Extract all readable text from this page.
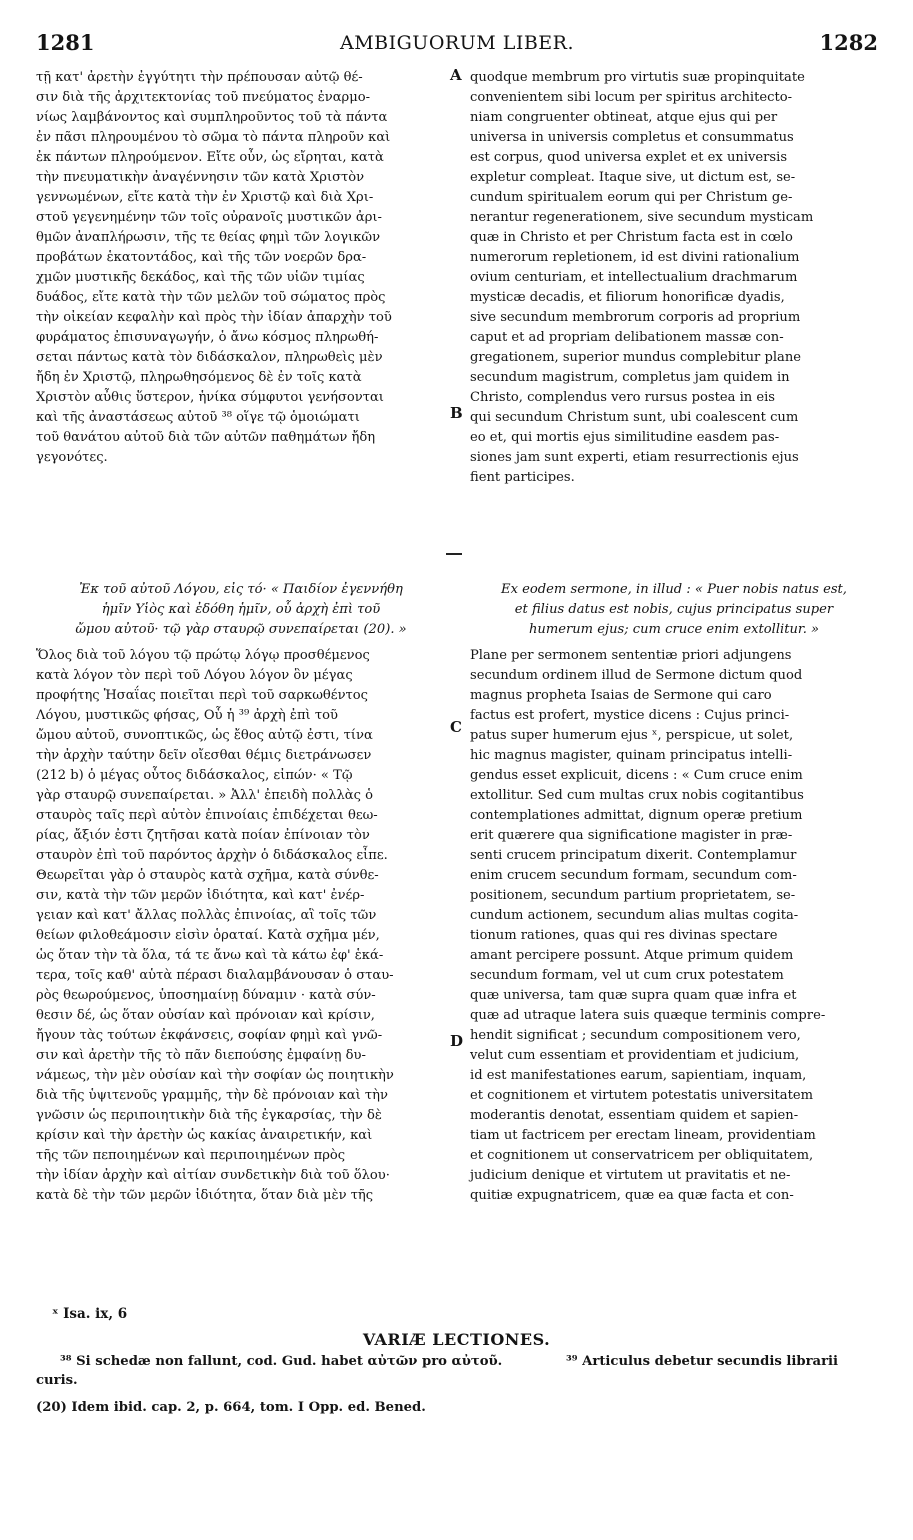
1281	AMBIGUORUM LIBER.	1282
τῇ κατ' ἀρετὴν ἐγγύτητι τὴν πρέπουσαν αὐτῷ θέ-
σιν διὰ τῆς ἀρχιτεκτονίας τοῦ πνεύματος ἐναρμο-
νίως λαμβάνοντος καὶ συμπληροῦντος τοῦ τὰ πάντα
ἐν πᾶσι πληρουμένου τὸ σῶμα τὸ πάντα πληροῦν καὶ
ἐκ πάντων πληρούμενον. Εἴτε οὖν, ὡς εἴρηται, κατὰ
τὴν πνευματικὴν ἀναγέννησιν τῶν κατὰ Χριστὸν
γεννωμένων, εἴτε κατὰ τὴν ἐν Χριστῷ καὶ διὰ Χρι-
στοῦ γεγενημένην τῶν τοῖς οὐρανοῖς μυστικῶν ἀρι-
θμῶν ἀναπλήρωσιν, τῆς τε θείας φημὶ τῶν λογικῶν
προβάτων ἑκατοντάδος, καὶ τῆς τῶν νοερῶν δρα-
χμῶν μυστικῆς δεκάδος, καὶ τῆς τῶν υἱῶν τιμίας
δυάδος, εἴτε κατὰ τὴν τῶν μελῶν τοῦ σώματος πρὸς
τὴν οἰκείαν κεφαλὴν καὶ πρὸς τὴν ἰδίαν ἀπαρχὴν τοῦ
φυράματος ἐπισυναγωγήν, ὁ ἄνω κόσμος πληρωθή-
σεται πάντως κατὰ τὸν διδάσκαλον, πληρωθεὶς μὲν
ἤδη ἐν Χριστῷ, πληρωθησόμενος δὲ ἐν τοῖς κατὰ
Χριστὸν αὖθις ὕστερον, ἡνίκα σύμφυτοι γενήσονται
καὶ τῆς ἀναστάσεως αὐτοῦ ³⁸ οἵγε τῷ ὁμοιώματι
τοῦ θανάτου αὐτοῦ διὰ τῶν αὐτῶν παθημάτων ἤδη
γεγονότες.
quodque membrum pro virtutis suæ propinquitate
convenientem sibi locum per spiritus architecto-
niam congruenter obtineat, atque ejus qui per
universa in universis completus et consummatus
est corpus, quod universa explet et ex universis
expletur compleat. Itaque sive, ut dictum est, se-
cundum spiritualem eorum qui per Christum ge-
nerantur regenerationem, sive secundum mysticam
quæ in Christo et per Christum facta est in cœlo
numerorum repletionem, id est divini rationalium
ovium centuriam, et intellectualium drachmarum
mysticæ decadis, et filiorum honorificæ dyadis,
sive secundum membrorum corporis ad proprium
caput et ad propriam delibationem massæ con-
gregationem, superior mundus complebitur plane
secundum magistrum, completus jam quidem in
Christo, complendus vero rursus postea in eis
qui secundum Christum sunt, ubi coalescent cum
eo et, qui mortis ejus similitudine easdem pas-
siones jam sunt experti, etiam resurrectionis ejus
fient participes.
A
B
C
D
Ἐκ τοῦ αὐτοῦ Λόγου, εἰς τό· « Παιδίον ἐγεννήθη
ἡμῖν Υἱὸς καὶ ἐδόθη ἡμῖν, οὗ ἀρχὴ ἐπὶ τοῦ
ὤμου αὐτοῦ· τῷ γὰρ σταυρῷ συνεπαίρεται (20). »
Ex eodem sermone, in illud : « Puer nobis natus est,
et filius datus est nobis, cujus principatus super
humerum ejus; cum cruce enim extollitur. »
Ὅλος διὰ τοῦ λόγου τῷ πρώτῳ λόγῳ προσθέμενος
κατὰ λόγον τὸν περὶ τοῦ Λόγου λόγον ὃν μέγας
προφήτης Ἡσαΐας ποιεῖται περὶ τοῦ σαρκωθέντος
Λόγου, μυστικῶς φήσας, Οὗ ἡ ³⁹ ἀρχὴ ἐπὶ τοῦ
ὤμου αὐτοῦ, συνοπτικῶς, ὡς ἔθος αὐτῷ ἐστι, τίνα
τὴν ἀρχὴν ταύτην δεῖν οἴεσθαι θέμις διετράνωσεν
(212 b) ὁ μέγας οὗτος διδάσκαλος, εἰπών· « Τῷ
γὰρ σταυρῷ συνεπαίρεται. » Ἀλλ' ἐπειδὴ πολλὰς ὁ
σταυρὸς ταῖς περὶ αὐτὸν ἐπινοίαις ἐπιδέχεται θεω-
ρίας, ἄξιόν ἐστι ζητῆσαι κατὰ ποίαν ἐπίνοιαν τὸν
σταυρὸν ἐπὶ τοῦ παρόντος ἀρχὴν ὁ διδάσκαλος εἶπε.
Θεωρεῖται γὰρ ὁ σταυρὸς κατὰ σχῆμα, κατὰ σύνθε-
σιν, κατὰ τὴν τῶν μερῶν ἰδιότητα, καὶ κατ' ἐνέρ-
γειαν καὶ κατ' ἄλλας πολλὰς ἐπινοίας, αἳ τοῖς τῶν
θείων φιλοθεάμοσιν εἰσὶν ὁραταί. Κατὰ σχῆμα μέν,
ὡς ὅταν τὴν τὰ ὅλα, τά τε ἄνω καὶ τὰ κάτω ἐφ' ἑκά-
τερα, τοῖς καθ' αὑτὰ πέρασι διαλαμβάνουσαν ὁ σταυ-
ρὸς θεωρούμενος, ὑποσημαίνῃ δύναμιν · κατὰ σύν-
θεσιν δέ, ὡς ὅταν οὐσίαν καὶ πρόνοιαν καὶ κρίσιν,
ἤγουν τὰς τούτων ἐκφάνσεις, σοφίαν φημὶ καὶ γνῶ-
σιν καὶ ἀρετὴν τῆς τὸ πᾶν διεπούσης ἐμφαίνῃ δυ-
νάμεως, τὴν μὲν οὐσίαν καὶ τὴν σοφίαν ὡς ποιητικὴν
διὰ τῆς ὑψιτενοῦς γραμμῆς, τὴν δὲ πρόνοιαν καὶ τὴν
γνῶσιν ὡς περιποιητικὴν διὰ τῆς ἐγκαρσίας, τὴν δὲ
κρίσιν καὶ τὴν ἀρετὴν ὡς κακίας ἀναιρετικήν, καὶ
τῆς τῶν πεποιημένων καὶ περιποιημένων πρὸς
τὴν ἰδίαν ἀρχὴν καὶ αἰτίαν συνδετικὴν διὰ τοῦ ὅλου·
κατὰ δὲ τὴν τῶν μερῶν ἰδιότητα, ὅταν διὰ μὲν τῆς
Plane per sermonem sententiæ priori adjungens
secundum ordinem illud de Sermone dictum quod
magnus propheta Isaias de Sermone qui caro
factus est profert, mystice dicens : Cujus princi-
patus super humerum ejus ˣ, perspicue, ut solet,
hic magnus magister, quinam principatus intelli-
gendus esset explicuit, dicens : « Cum cruce enim
extollitur. Sed cum multas crux nobis cogitantibus
contemplationes admittat, dignum operæ pretium
erit quærere qua significatione magister in præ-
senti crucem principatum dixerit. Contemplamur
enim crucem secundum formam, secundum com-
positionem, secundum partium proprietatem, se-
cundum actionem, secundum alias multas cogita-
tionum rationes, quas qui res divinas spectare
amant percipere possunt. Atque primum quidem
secundum formam, vel ut cum crux potestatem
quæ universa, tam quæ supra quam quæ infra et
quæ ad utraque latera suis quæque terminis compre-
hendit significat ; secundum compositionem vero,
velut cum essentiam et providentiam et judicium,
id est manifestationes earum, sapientiam, inquam,
et cognitionem et virtutem potestatis universitatem
moderantis denotat, essentiam quidem et sapien-
tiam ut factricem per erectam lineam, providentiam
et cognitionem ut conservatricem per obliquitatem,
judicium denique et virtutem ut pravitatis et ne-
quitiæ expugnatricem, quæ ea quæ facta et con-
ˣ Isa. ix, 6
VARIÆ LECTIONES.
³⁸ Si schedæ non fallunt, cod. Gud. habet αὐτῶν pro αὐτοῦ.	³⁹ Articulus debetur secundis librarii
curis.
(20) Idem ibid. cap. 2, p. 664, tom. I Opp. ed. Bened.
